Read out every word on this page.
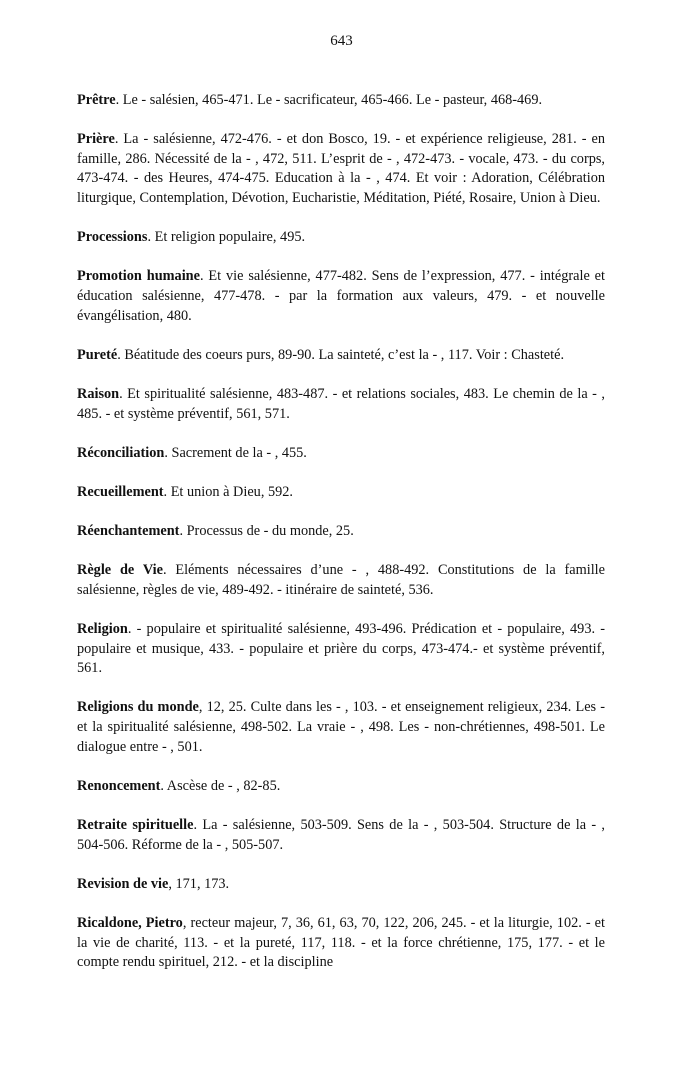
643

Prêtre. Le - salésien, 465-471. Le - sacrificateur, 465-466. Le - pasteur, 468-469.

Prière. La - salésienne, 472-476. - et don Bosco, 19. - et expérience religieuse, 281. - en famille, 286. Nécessité de la - , 472, 511. L’esprit de - , 472-473. - vocale, 473. - du corps, 473-474. - des Heures, 474-475. Education à la - , 474. Et voir : Adoration, Célébration liturgique, Contemplation, Dévotion, Eucharistie, Méditation, Piété, Rosaire, Union à Dieu.

Processions. Et religion populaire, 495.

Promotion humaine. Et vie salésienne, 477-482. Sens de l’expression, 477. - intégrale et éducation salésienne, 477-478. - par la formation aux valeurs, 479. - et nouvelle évangélisation, 480.

Pureté. Béatitude des coeurs purs, 89-90. La sainteté, c’est la - , 117. Voir : Chasteté.

Raison. Et spiritualité salésienne, 483-487. - et relations sociales, 483. Le chemin de la - , 485. - et système préventif, 561, 571.

Réconciliation. Sacrement de la - , 455.

Recueillement. Et union à Dieu, 592.

Réenchantement. Processus de - du monde, 25.

Règle de Vie. Eléments nécessaires d’une - , 488-492. Constitutions de la famille salésienne, règles de vie, 489-492. - itinéraire de sainteté, 536.

Religion. - populaire et spiritualité salésienne, 493-496. Prédication et - populaire, 493. - populaire et musique, 433. - populaire et prière du corps, 473-474.- et système préventif, 561.

Religions du monde, 12, 25. Culte dans les - , 103. - et enseignement religieux, 234. Les - et la spiritualité salésienne, 498-502. La vraie - , 498. Les - non-chrétiennes, 498-501. Le dialogue entre - , 501.

Renoncement. Ascèse de - , 82-85.

Retraite spirituelle. La - salésienne, 503-509. Sens de la - , 503-504. Structure de la - , 504-506. Réforme de la - , 505-507.

Revision de vie, 171, 173.

Ricaldone, Pietro, recteur majeur, 7, 36, 61, 63, 70, 122, 206, 245. - et la liturgie, 102. - et la vie de charité, 113. - et la pureté, 117, 118. - et la force chrétienne, 175, 177. - et le compte rendu spirituel, 212. - et la discipline
